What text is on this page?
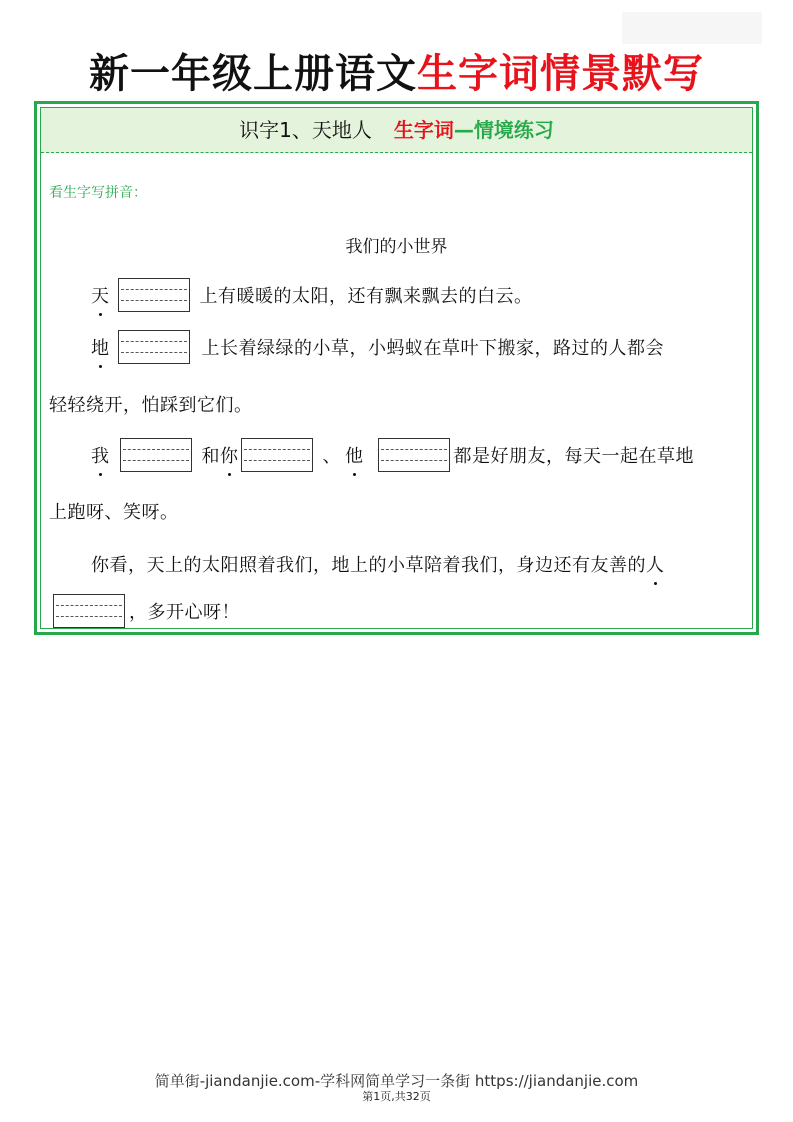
新一年级上册语文生字词情景默写
识字1、天地人 生字词—情境练习
看生字写拼音：
我们的小世界
天	上有暖暖的太阳，还有飘来飘去的白云。
地	上长着绿绿的小草，小蚂蚁在草叶下搬家，路过的人都会
轻轻绕开，怕踩到它们。
我	和 你	、 他	都是好朋友，每天一起在草地
上跑呀、笑呀。
你看，天上的太阳照着我们，地上的小草陪着我们，身边还有友善的 人
，多开心呀！
简单街-jiandanjie.com-学科网简单学习一条街 https://jiandanjie.com
第1页,共32页
